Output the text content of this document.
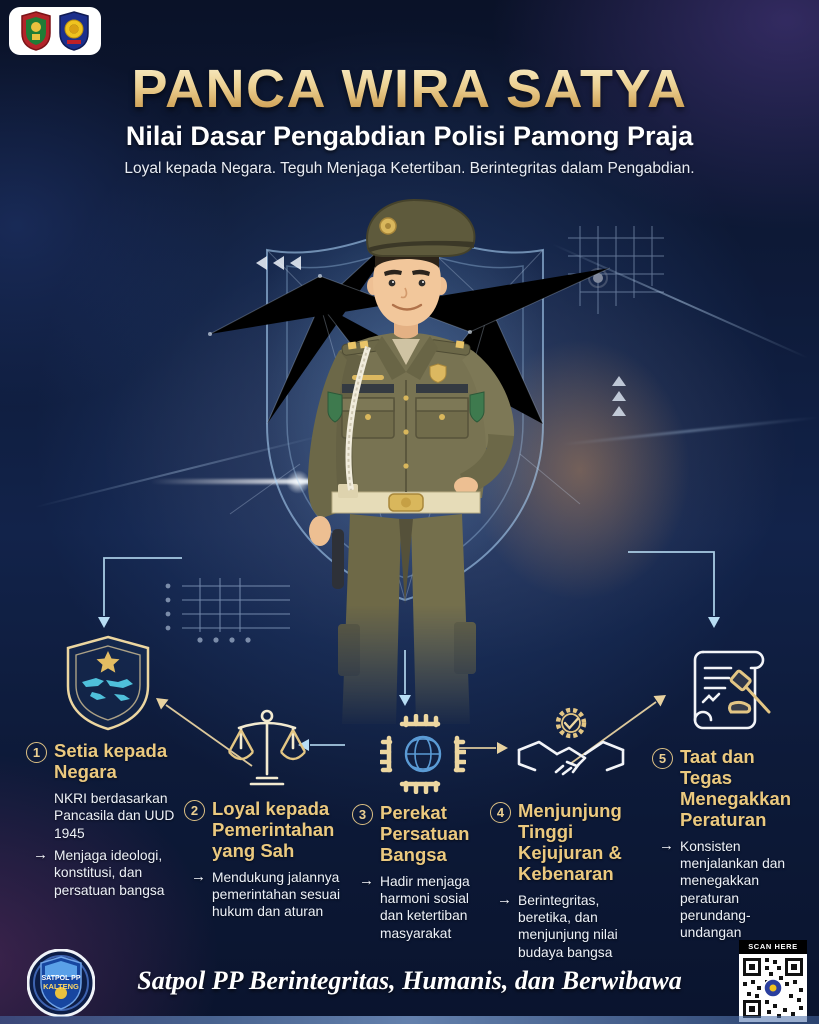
PANCA WIRA SATYA
Nilai Dasar Pengabdian Polisi Pamong Praja
Loyal kepada Negara. Teguh Menjaga Ketertiban. Berintegritas dalam Pengabdian.
1 Setia kepada Negara
NKRI berdasarkan Pancasila dan UUD 1945
→ Menjaga ideologi, konstitusi, dan persatuan bangsa
2 Loyal kepada Pemerintahan yang Sah
→ Mendukung jalannya pemerintahan sesuai hukum dan aturan
3 Perekat Persatuan Bangsa
→ Hadir menjaga harmoni sosial dan ketertiban masyarakat
4 Menjunjung Tinggi Kejujuran & Kebenaran
→ Berintegritas, beretika, dan menjunjung nilai budaya bangsa
5 Taat dan Tegas Menegakkan Peraturan
→ Konsisten menjalankan dan menegakkan peraturan perundang-undangan
SATPOL PP
KALTENG	Satpol PP Berintegritas, Humanis, dan Berwibawa
SCAN HERE
